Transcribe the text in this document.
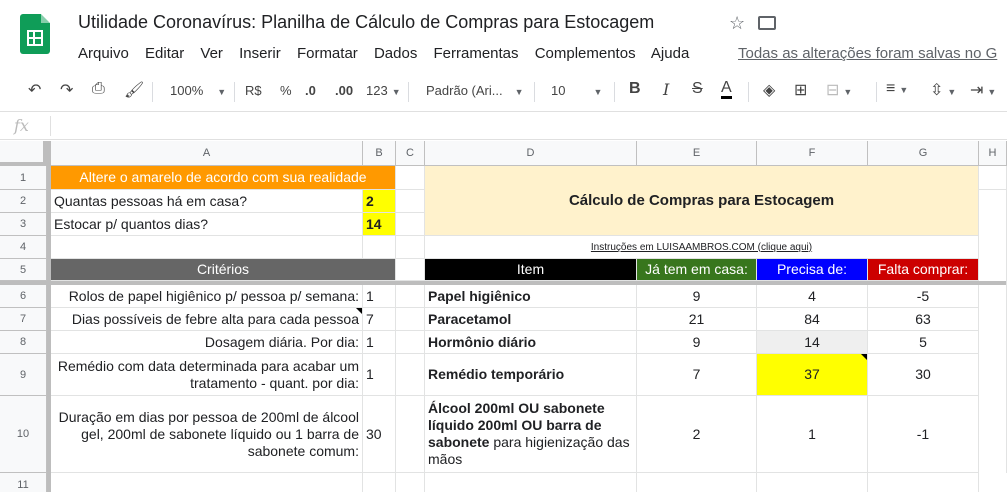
Utilidade Coronavírus: Planilha de Cálculo de Compras para Estocagem	☆
Arquivo Editar Ver Inserir Formatar Dados Ferramentas Complementos Ajuda	Todas as alterações foram salvas no G
↶ ↷ ⎙ 🖌 100% ▼ R$ % .0 .00 123 ▼ Padrão (Ari... ▼ 10	▼ B I S A ◈ ⊞ ⊟ ▼ ≡ ▼ ⇳ ▼ ⇥ ▼
fx
A	B	C	D	E	F	G	H
1
2
3
4
5
6
7
8
9
10
11
Altere o amarelo de acordo com sua realidade
Cálculo de Compras para Estocagem
Quantas pessoas há em casa?	2
Estocar p/ quantos dias?	14
Instruções em LUISAAMBROS.COM (clique aqui)
Critérios	Item	Já tem em casa:	Precisa de:	Falta comprar:
Rolos de papel higiênico p/ pessoa p/ semana: 1	Papel higiênico	9	4	-5
Dias possíveis de febre alta para cada pessoa 7	Paracetamol	21	84	63
Dosagem diária. Por dia: 1	Hormônio diário	9	14	5
Remédio com data determinada para acabar um tratamento - quant. por dia:
1	Remédio temporário	7	37	30
Duração em dias por pessoa de 200ml de álcool gel, 200ml de sabonete líquido ou 1 barra de sabonete comum:
30
Álcool 200ml OU sabonete líquido 200ml OU barra de sabonete para higienização das mãos
2	1	-1
